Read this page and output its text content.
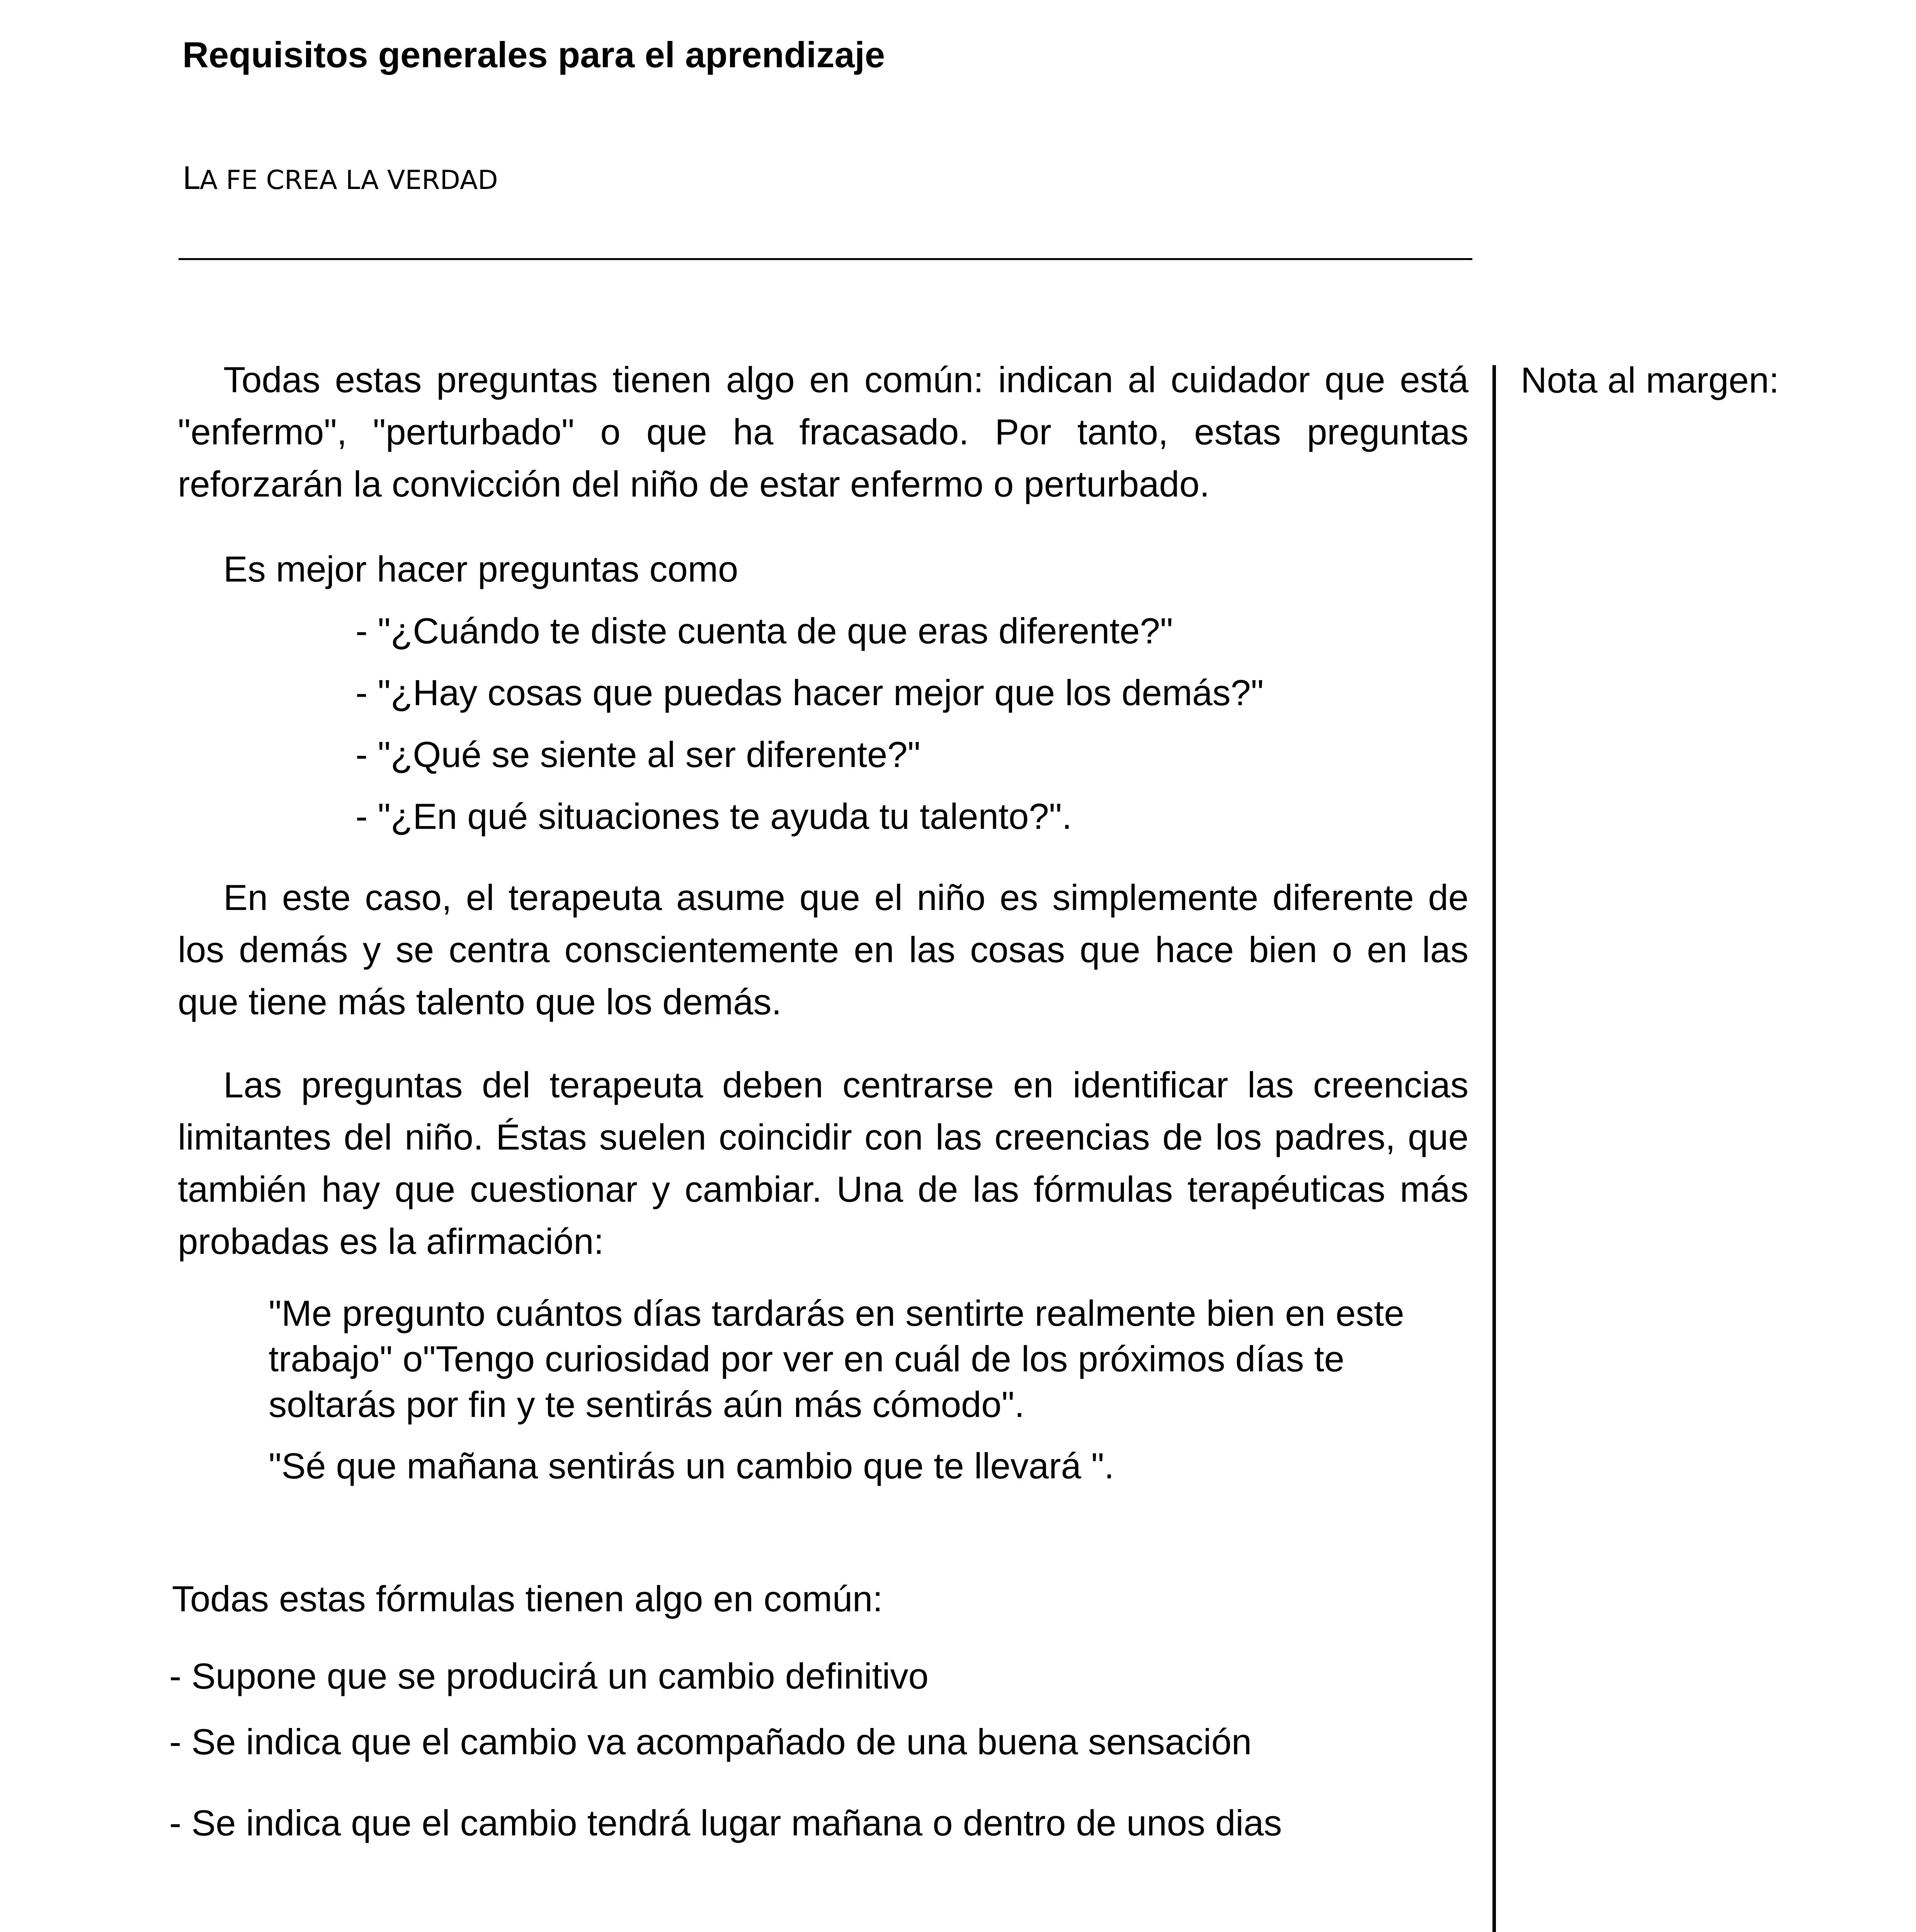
Requisitos generales para el aprendizaje
LA FE CREA LA VERDAD
Nota al margen:
Todas estas preguntas tienen algo en común: indican al cuidador que está "enfermo", "perturbado" o que ha fracasado. Por tanto, estas preguntas reforzarán la convicción del niño de estar enfermo o perturbado.
Es mejor hacer preguntas como
- "¿Cuándo te diste cuenta de que eras diferente?"
- "¿Hay cosas que puedas hacer mejor que los demás?"
- "¿Qué se siente al ser diferente?"
- "¿En qué situaciones te ayuda tu talento?".
En este caso, el terapeuta asume que el niño es simplemente diferente de los demás y se centra conscientemente en las cosas que hace bien o en las que tiene más talento que los demás.
Las preguntas del terapeuta deben centrarse en identificar las creencias limitantes del niño. Éstas suelen coincidir con las creencias de los padres, que también hay que cuestionar y cambiar. Una de las fórmulas terapéuticas más probadas es la afirmación:
"Me pregunto cuántos días tardarás en sentirte realmente bien en este trabajo" o"Tengo curiosidad por ver en cuál de los próximos días te soltarás por fin y te sentirás aún más cómodo".
"Sé que mañana sentirás un cambio que te llevará ".
Todas estas fórmulas tienen algo en común:
- Supone que se producirá un cambio definitivo
- Se indica que el cambio va acompañado de una buena sensación
- Se indica que el cambio tendrá lugar mañana o dentro de unos dias
